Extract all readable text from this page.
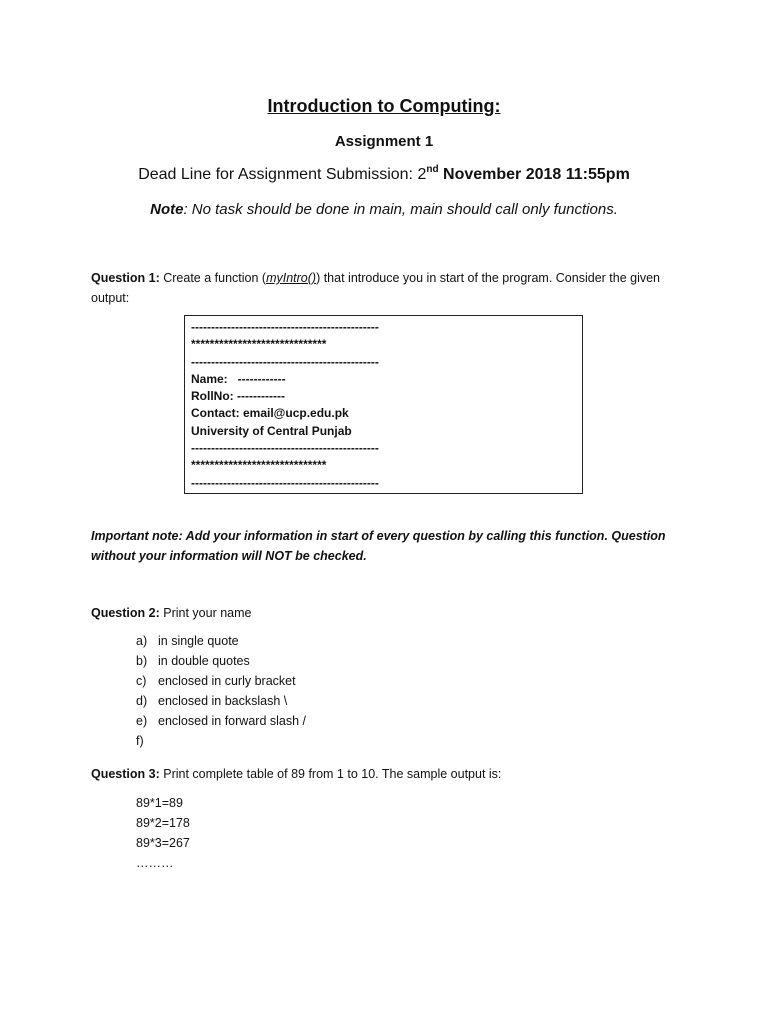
Introduction to Computing:
Assignment 1
Dead Line for Assignment Submission: 2nd November 2018 11:55pm
Note: No task should be done in main, main should call only functions.
Question 1: Create a function (myIntro()) that introduce you in start of the program. Consider the given output:
-----------------------------------------------
*****************************
-----------------------------------------------
Name:   ------------
RollNo: ------------
Contact: email@ucp.edu.pk
University of Central Punjab
-----------------------------------------------
*****************************
-----------------------------------------------
Important note: Add your information in start of every question by calling this function. Question without your information will NOT be checked.
Question 2: Print your name
a) in single quote
b) in double quotes
c) enclosed in curly bracket
d) enclosed in backslash \
e) enclosed in forward slash /
f)
Question 3: Print complete table of 89 from 1 to 10. The sample output is:
89*1=89
89*2=178
89*3=267
………
